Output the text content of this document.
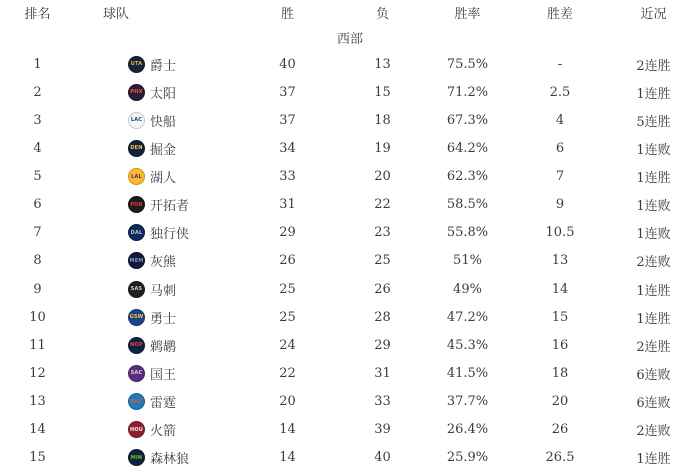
排名	球队	胜	负	胜率	胜差	近况
西部
1	UTA 爵士	40	13	75.5%	-	2连胜
2	PHX 太阳	37	15	71.2%	2.5	1连胜
3	LAC 快船	37	18	67.3%	4	5连胜
4	DEN 掘金	34	19	64.2%	6	1连败
5	LAL 湖人	33	20	62.3%	7	1连胜
6	POR 开拓者	31	22	58.5%	9	1连败
7	DAL 独行侠	29	23	55.8%	10.5	1连败
8	MEM 灰熊	26	25	51%	13	2连败
9	SAS 马刺	25	26	49%	14	1连胜
10	GSW 勇士	25	28	47.2%	15	1连胜
11	NOP 鹈鹕	24	29	45.3%	16	2连胜
12	SAC 国王	22	31	41.5%	18	6连败
13	OKC 雷霆	20	33	37.7%	20	6连败
14	HOU 火箭	14	39	26.4%	26	2连败
15	MIN 森林狼	14	40	25.9%	26.5	1连胜
